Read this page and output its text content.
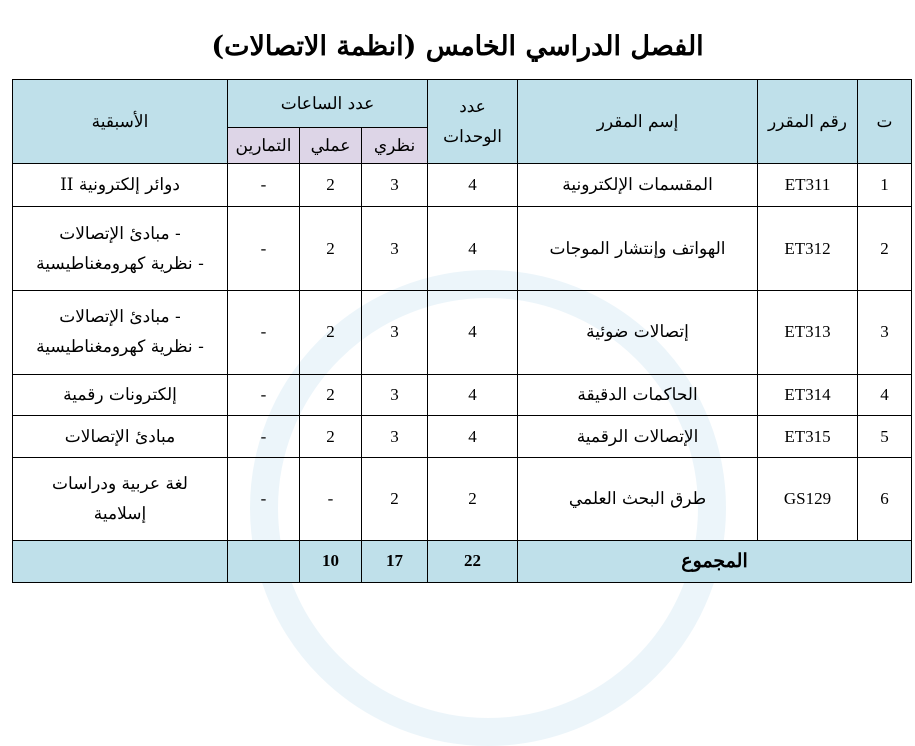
الفصل الدراسي الخامس (انظمة الاتصالات)
ت	رقم المقرر	إسم المقرر	عدد الوحدات	عدد الساعات			الأسبقية
				نظري	عملي	التمارين	
1	ET311	المقسمات الإلكترونية	4	3	2	-	دوائر إلكترونية II

2	ET312	الهواتف وإنتشار الموجات	4	3	2	-	- مبادئ الإتصالات
- نظرية كهرومغناطيسية

3	ET313	إتصالات ضوئية	4	3	2	-	- مبادئ الإتصالات
- نظرية كهرومغناطيسية

4	ET314	الحاكمات الدقيقة	4	3	2	-	إلكترونات رقمية

5	ET315	الإتصالات الرقمية	4	3	2	-	مبادئ الإتصالات

6	GS129	طرق البحث العلمي	2	2	-	-	لغة عربية ودراسات
إسلامية

المجموع			22	17	10		
